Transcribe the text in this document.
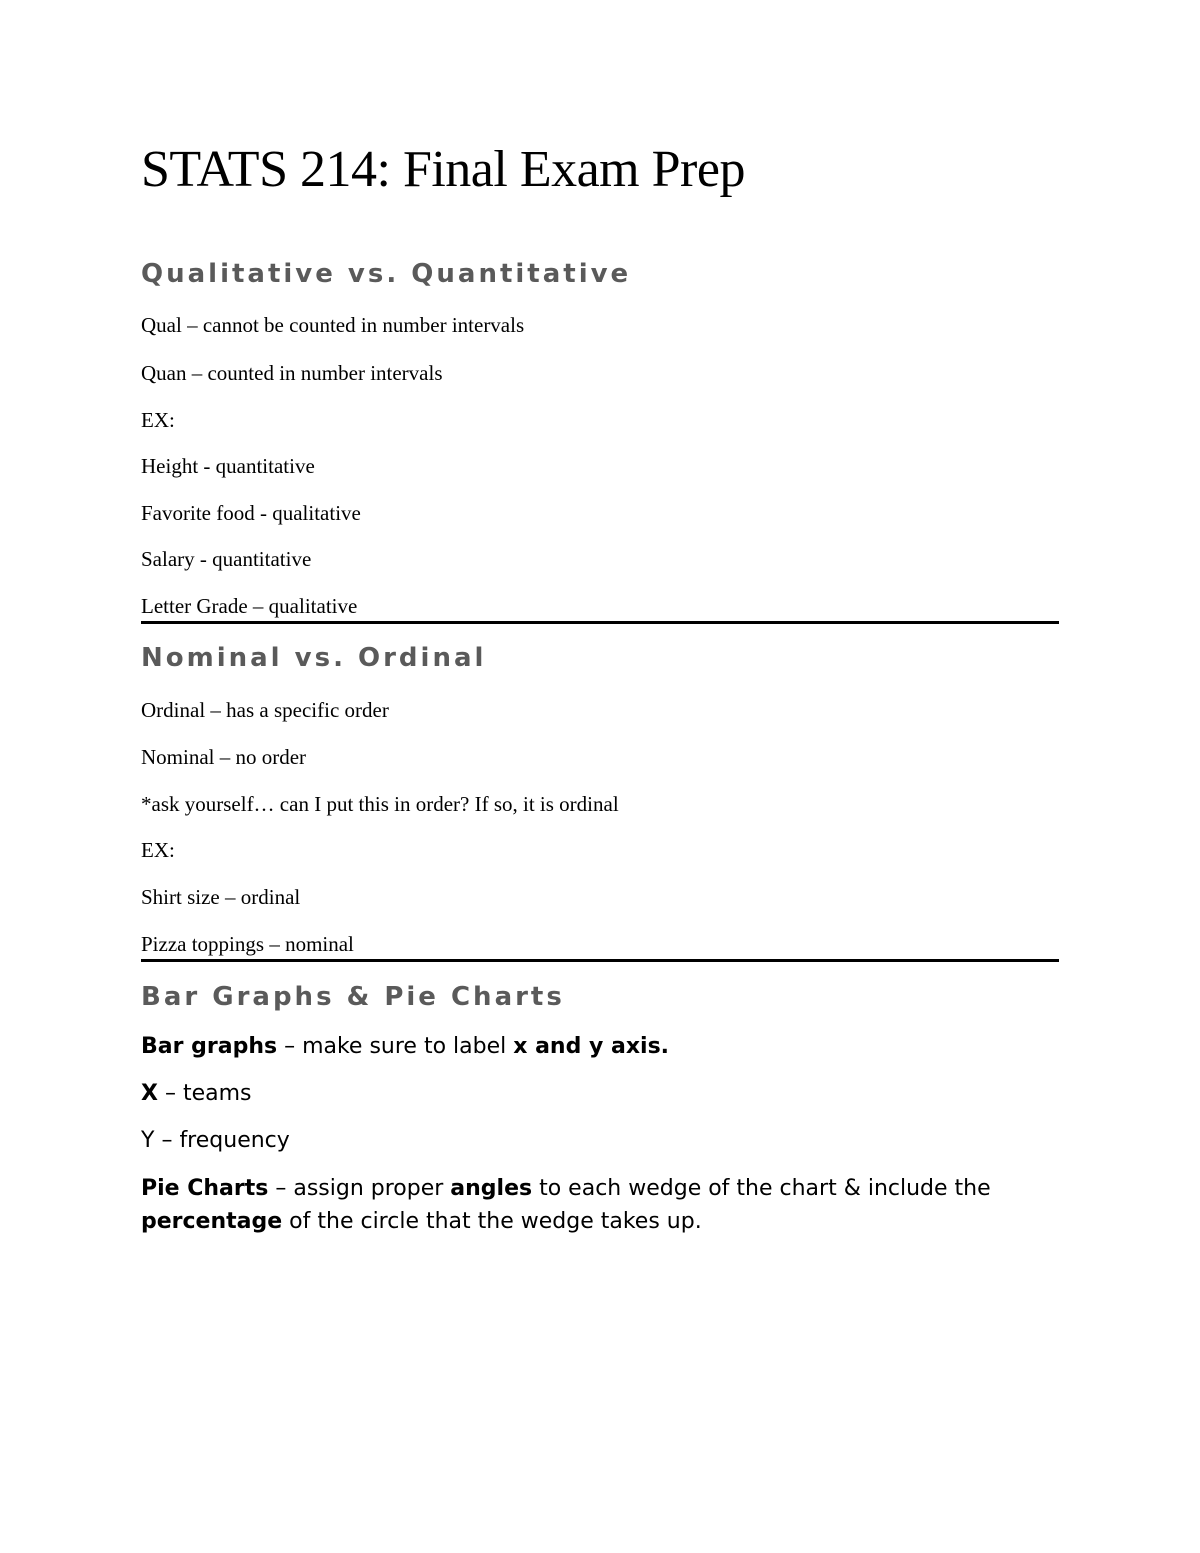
STATS 214: Final Exam Prep
Qualitative vs. Quantitative

Qual – cannot be counted in number intervals

Quan – counted in number intervals

EX:

Height - quantitative

Favorite food - qualitative

Salary - quantitative

Letter Grade – qualitative

Nominal vs. Ordinal

Ordinal – has a specific order

Nominal – no order

*ask yourself… can I put this in order? If so, it is ordinal

EX:

Shirt size – ordinal

Pizza toppings – nominal

Bar Graphs & Pie Charts

Bar graphs – make sure to label x and y axis.

X – teams

Y – frequency

Pie Charts – assign proper angles to each wedge of the chart & include the percentage of the circle that the wedge takes up.
